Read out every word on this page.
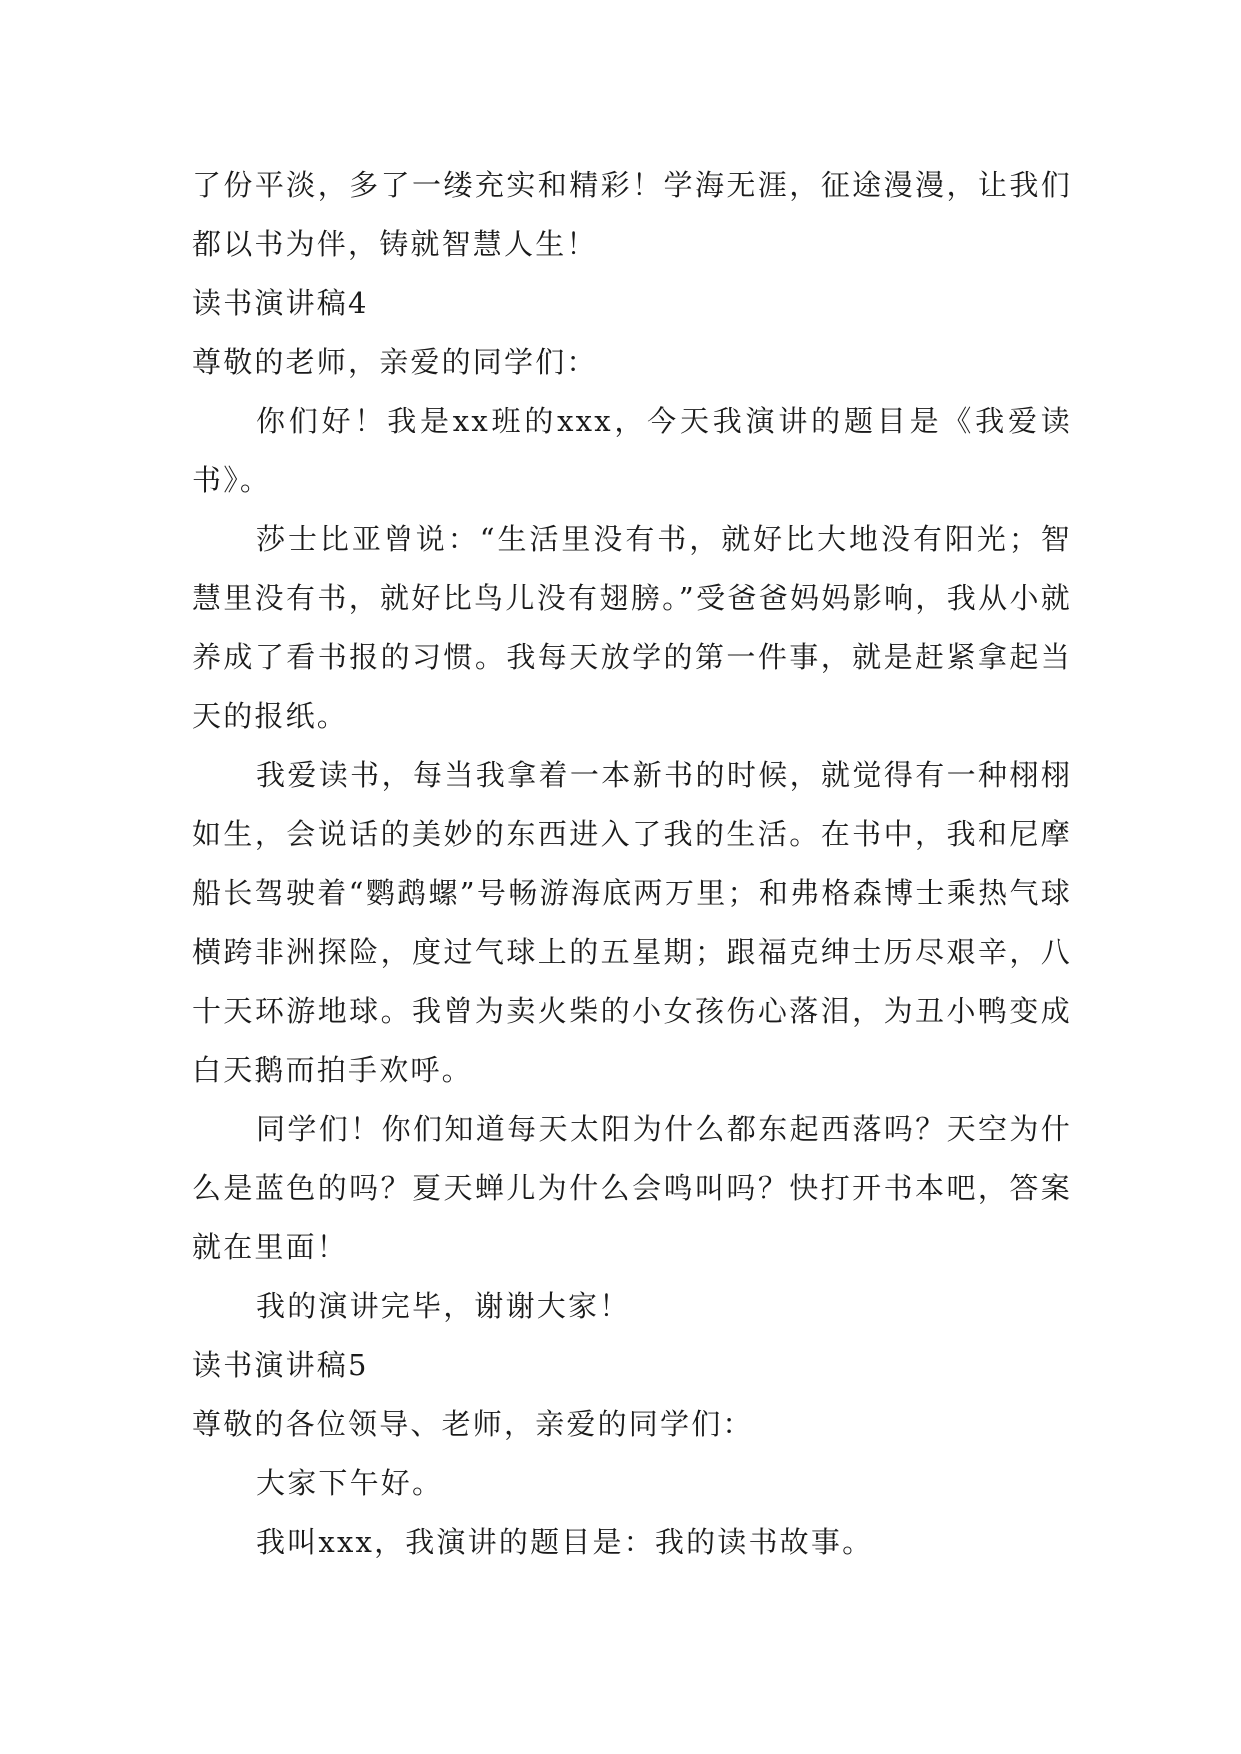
了份平淡，多了一缕充实和精彩！学海无涯，征途漫漫，让我们都以书为伴，铸就智慧人生！

读书演讲稿4

尊敬的老师，亲爱的同学们：

你们好！我是xx班的xxx，今天我演讲的题目是《我爱读书》。

莎士比亚曾说：“生活里没有书，就好比大地没有阳光；智慧里没有书，就好比鸟儿没有翅膀。”受爸爸妈妈影响，我从小就养成了看书报的习惯。我每天放学的第一件事，就是赶紧拿起当天的报纸。

我爱读书，每当我拿着一本新书的时候，就觉得有一种栩栩如生，会说话的美妙的东西进入了我的生活。在书中，我和尼摩船长驾驶着“鹦鹉螺”号畅游海底两万里；和弗格森博士乘热气球横跨非洲探险，度过气球上的五星期；跟福克绅士历尽艰辛，八十天环游地球。我曾为卖火柴的小女孩伤心落泪，为丑小鸭变成白天鹅而拍手欢呼。

同学们！你们知道每天太阳为什么都东起西落吗？天空为什么是蓝色的吗？夏天蝉儿为什么会鸣叫吗？快打开书本吧，答案就在里面！

我的演讲完毕，谢谢大家！

读书演讲稿5

尊敬的各位领导、老师，亲爱的同学们：

大家下午好。

我叫xxx，我演讲的题目是：我的读书故事。
